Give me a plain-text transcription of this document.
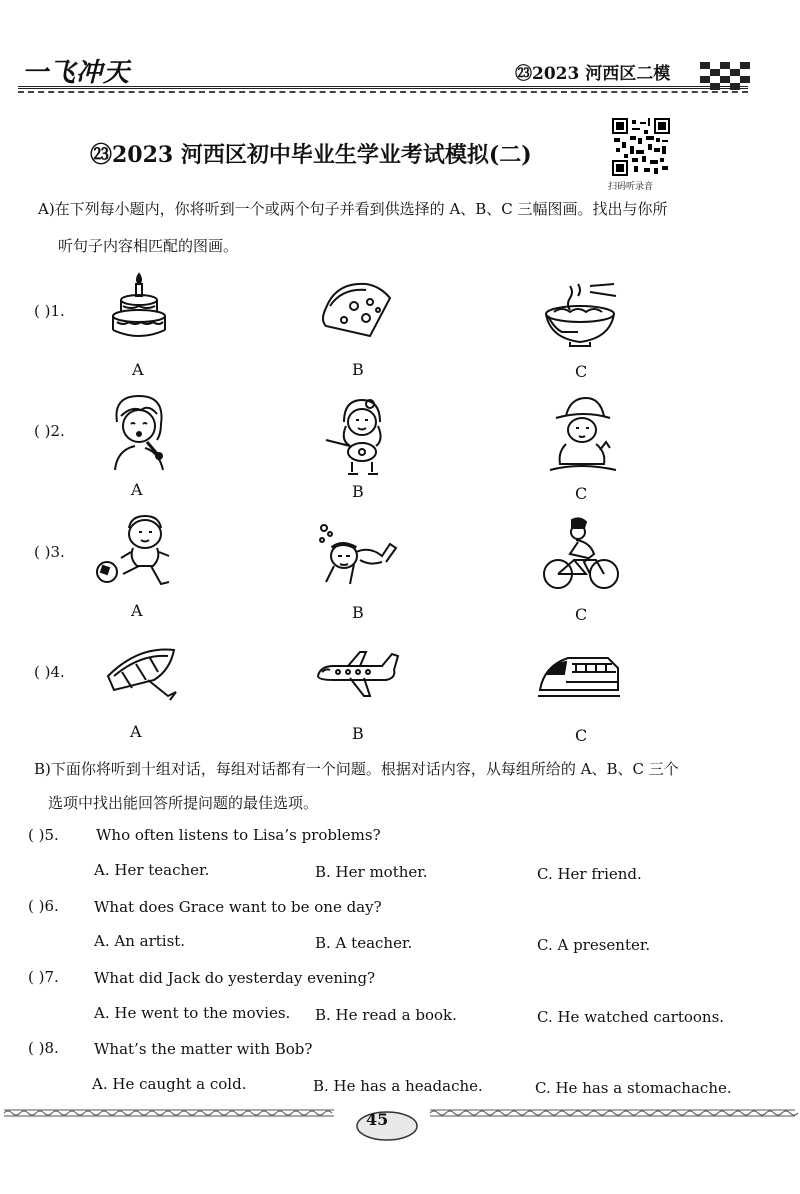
一飞冲天	㉓2023 河西区二模
㉓2023 河西区初中毕业生学业考试模拟(二)
扫码听录音
A)在下列每小题内，你将听到一个或两个句子并看到供选择的 A、B、C 三幅图画。找出与你所
听句子内容相匹配的图画。
( )1.
A	B	C
( )2.
A	B	C
( )3.
A	B	C
( )4.
A	B	C
B)下面你将听到十组对话，每组对话都有一个问题。根据对话内容，从每组所给的 A、B、C 三个
选项中找出能回答所提问题的最佳选项。
( )5. Who often listens to Lisa’s problems?
A. Her teacher.	B. Her mother.	C. Her friend.
( )6. What does Grace want to be one day?
A. An artist.	B. A teacher.	C. A presenter.
( )7. What did Jack do yesterday evening?
A. He went to the movies. B. He read a book.	C. He watched cartoons.
( )8. What’s the matter with Bob?
A. He caught a cold.	B. He has a headache.	C. He has a stomachache.
45
